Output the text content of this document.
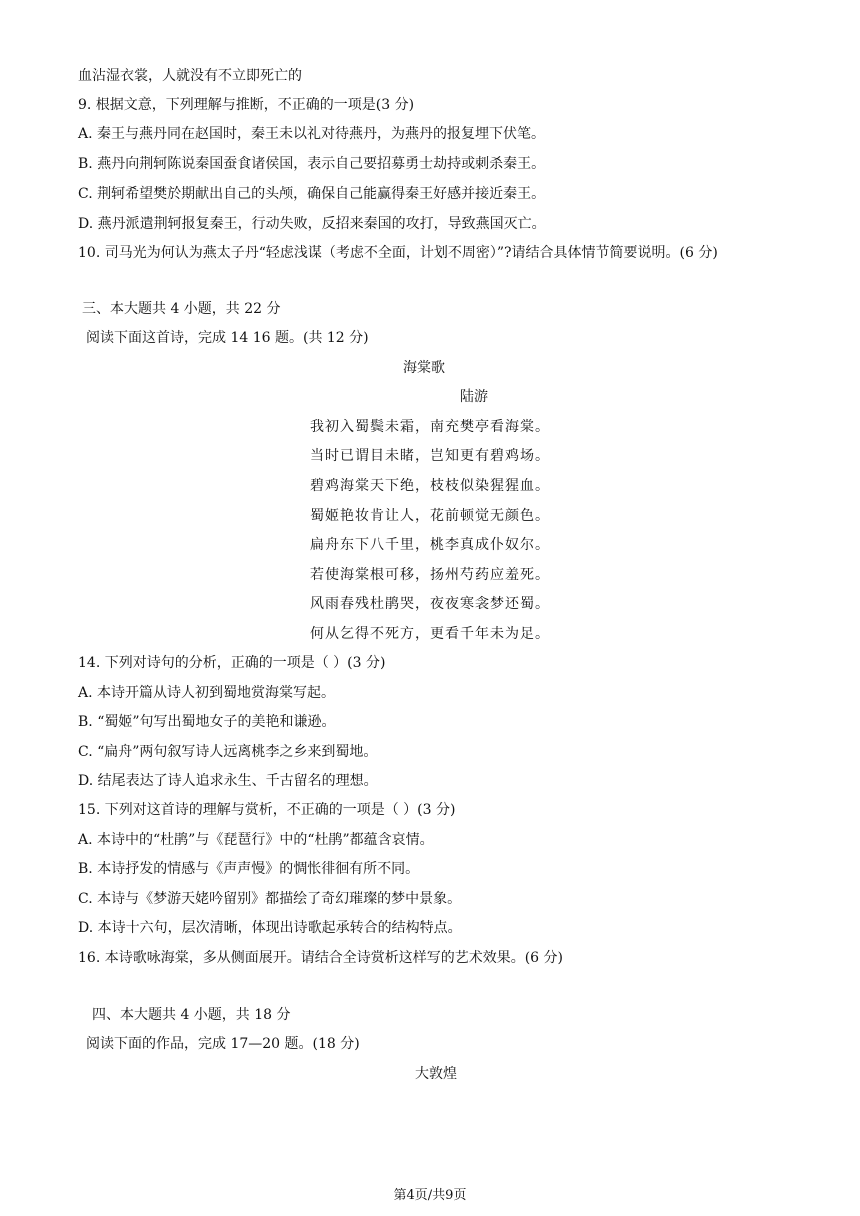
血沾湿衣裳，人就没有不立即死亡的
9. 根据文意，下列理解与推断，不正确的一项是(3 分)
A. 秦王与燕丹同在赵国时，秦王未以礼对待燕丹，为燕丹的报复埋下伏笔。
B. 燕丹向荆轲陈说秦国蚕食诸侯国，表示自己要招募勇士劫持或刺杀秦王。
C. 荆轲希望樊於期献出自己的头颅，确保自己能赢得秦王好感并接近秦王。
D. 燕丹派遣荆轲报复秦王，行动失败，反招来秦国的攻打，导致燕国灭亡。
10. 司马光为何认为燕太子丹“轻虑浅谋（考虑不全面，计划不周密）”?请结合具体情节简要说明。(6 分)
三、本大题共 4 小题，共 22 分
阅读下面这首诗，完成 14 16 题。(共 12 分)
海棠歌
陆游
我初入蜀鬓未霜，南充樊亭看海棠。
当时已谓目未睹，岂知更有碧鸡场。
碧鸡海棠天下绝，枝枝似染猩猩血。
蜀姬艳妆肯让人，花前顿觉无颜色。
扁舟东下八千里，桃李真成仆奴尔。
若使海棠根可移，扬州芍药应羞死。
风雨春残杜鹃哭，夜夜寒衾梦还蜀。
何从乞得不死方，更看千年未为足。
14. 下列对诗句的分析，正确的一项是（ ）(3 分)
A. 本诗开篇从诗人初到蜀地赏海棠写起。
B. “蜀姬”句写出蜀地女子的美艳和谦逊。
C. “扁舟”两句叙写诗人远离桃李之乡来到蜀地。
D. 结尾表达了诗人追求永生、千古留名的理想。
15. 下列对这首诗的理解与赏析，不正确的一项是（ ）(3 分)
A. 本诗中的“杜鹃”与《琵琶行》中的“杜鹃”都蕴含哀情。
B. 本诗抒发的情感与《声声慢》的惆怅徘徊有所不同。
C. 本诗与《梦游天姥吟留别》都描绘了奇幻璀璨的梦中景象。
D. 本诗十六句，层次清晰，体现出诗歌起承转合的结构特点。
16. 本诗歌咏海棠，多从侧面展开。请结合全诗赏析这样写的艺术效果。(6 分)
四、本大题共 4 小题，共 18 分
阅读下面的作品，完成 17—20 题。(18 分)
大敦煌
第4页/共9页
